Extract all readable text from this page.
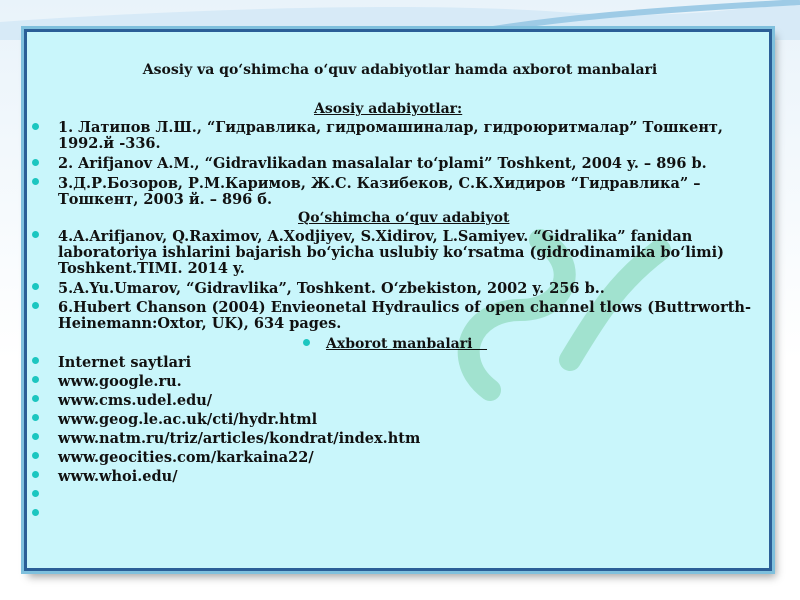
Asosiy va qo‘shimcha o‘quv adabiyotlar hamda axborot manbalari
Asosiy adabiyotlar:
1. Латипов Л.Ш., “Гидравлика, гидромашиналар, гидроюритмалар” Тошкент,
1992.й -336.
2. Arifjanov A.M., “Gidravlikadan masalalar to‘plami” Toshkent, 2004 y. – 896 b.
3.Д.Р.Бозоров, Р.М.Каримов, Ж.С. Казибеков, С.К.Хидиров “Гидравлика” –
Тошкент, 2003 й. – 896 б.
Qo‘shimcha o‘quv adabiyot
4.A.Arifjanov, Q.Raximov, A.Xodjiyev, S.Xidirov, L.Samiyev. “Gidralika” fanidan
laboratoriya ishlarini bajarish bo‘yicha uslubiy ko‘rsatma (gidrodinamika bo‘limi)
Toshkent.TIMI. 2014 y.
5.A.Yu.Umarov, “Gidravlika”, Toshkent. O‘zbekiston, 2002 y. 256 b..
6.Hubert Chanson (2004) Envieonetal Hydraulics of open channel tlows (Buttrworth-
Heinemann:Oxtor, UK), 634 pages.
Axborot manbalari
Internet saytlari
www.google.ru.
www.cms.udel.edu/
www.geog.le.ac.uk/cti/hydr.html
www.natm.ru/triz/articles/kondrat/index.htm
www.geocities.com/karkaina22/
www.whoi.edu/
